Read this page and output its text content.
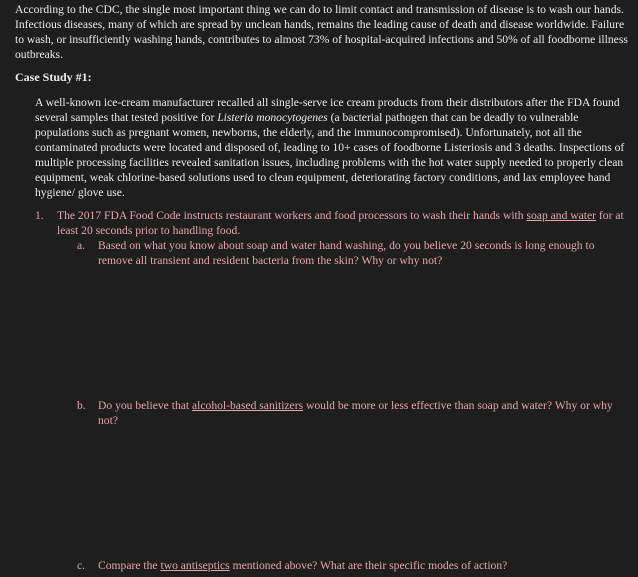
According to the CDC, the single most important thing we can do to limit contact and transmission of disease is to wash our hands. Infectious diseases, many of which are spread by unclean hands, remains the leading cause of death and disease worldwide. Failure to wash, or insufficiently washing hands, contributes to almost 73% of hospital-acquired infections and 50% of all foodborne illness outbreaks.

Case Study #1:

A well-known ice-cream manufacturer recalled all single-serve ice cream products from their distributors after the FDA found several samples that tested positive for Listeria monocytogenes (a bacterial pathogen that can be deadly to vulnerable populations such as pregnant women, newborns, the elderly, and the immunocompromised). Unfortunately, not all the contaminated products were located and disposed of, leading to 10+ cases of foodborne Listeriosis and 3 deaths. Inspections of multiple processing facilities revealed sanitation issues, including problems with the hot water supply needed to properly clean equipment, weak chlorine-based solutions used to clean equipment, deteriorating factory conditions, and lax employee hand hygiene/ glove use.

1. The 2017 FDA Food Code instructs restaurant workers and food processors to wash their hands with soap and water for at least 20 seconds prior to handling food.
a. Based on what you know about soap and water hand washing, do you believe 20 seconds is long enough to remove all transient and resident bacteria from the skin? Why or why not?
b. Do you believe that alcohol-based sanitizers would be more or less effective than soap and water? Why or why not?
c. Compare the two antiseptics mentioned above? What are their specific modes of action?
